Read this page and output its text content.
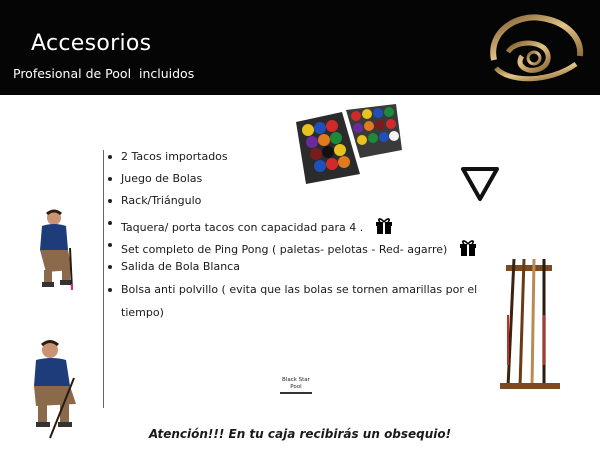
Accesorios
Profesional de Pool  incluidos
2 Tacos importados
Juego de Bolas
Rack/Triángulo
Taquera/ porta tacos con capacidad para 4 .
Set completo de Ping Pong ( paletas- pelotas - Red- agarre)
Salida de Bola Blanca
Bolsa anti polvillo ( evita que las bolas se tornen amarillas por el tiempo)
Black Star
Pool
Atención!!! En tu caja recibirás un obsequio!
